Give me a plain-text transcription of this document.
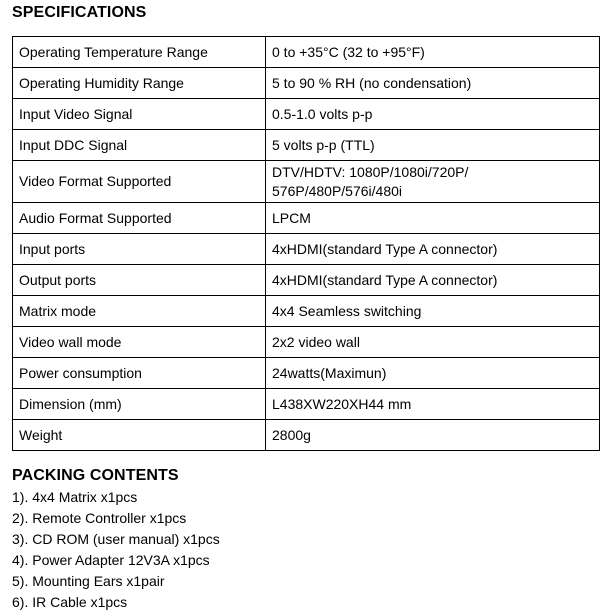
SPECIFICATIONS
Operating Temperature Range	0 to +35°C (32 to +95°F)
Operating Humidity Range	5 to 90 % RH (no condensation)
Input Video Signal	0.5-1.0 volts p-p
Input DDC Signal	5 volts p-p (TTL)
Video Format Supported	DTV/HDTV: 1080P/1080i/720P/
576P/480P/576i/480i

Audio Format Supported	LPCM
Input ports	4xHDMI(standard Type A connector)
Output ports	4xHDMI(standard Type A connector)
Matrix mode	4x4 Seamless switching
Video wall mode	2x2 video wall
Power consumption	24watts(Maximun)
Dimension (mm)	L438XW220XH44 mm
Weight	2800g
PACKING CONTENTS
1). 4x4 Matrix x1pcs
2). Remote Controller x1pcs
3). CD ROM (user manual) x1pcs
4). Power Adapter 12V3A x1pcs
5). Mounting Ears x1pair
6). IR Cable x1pcs
